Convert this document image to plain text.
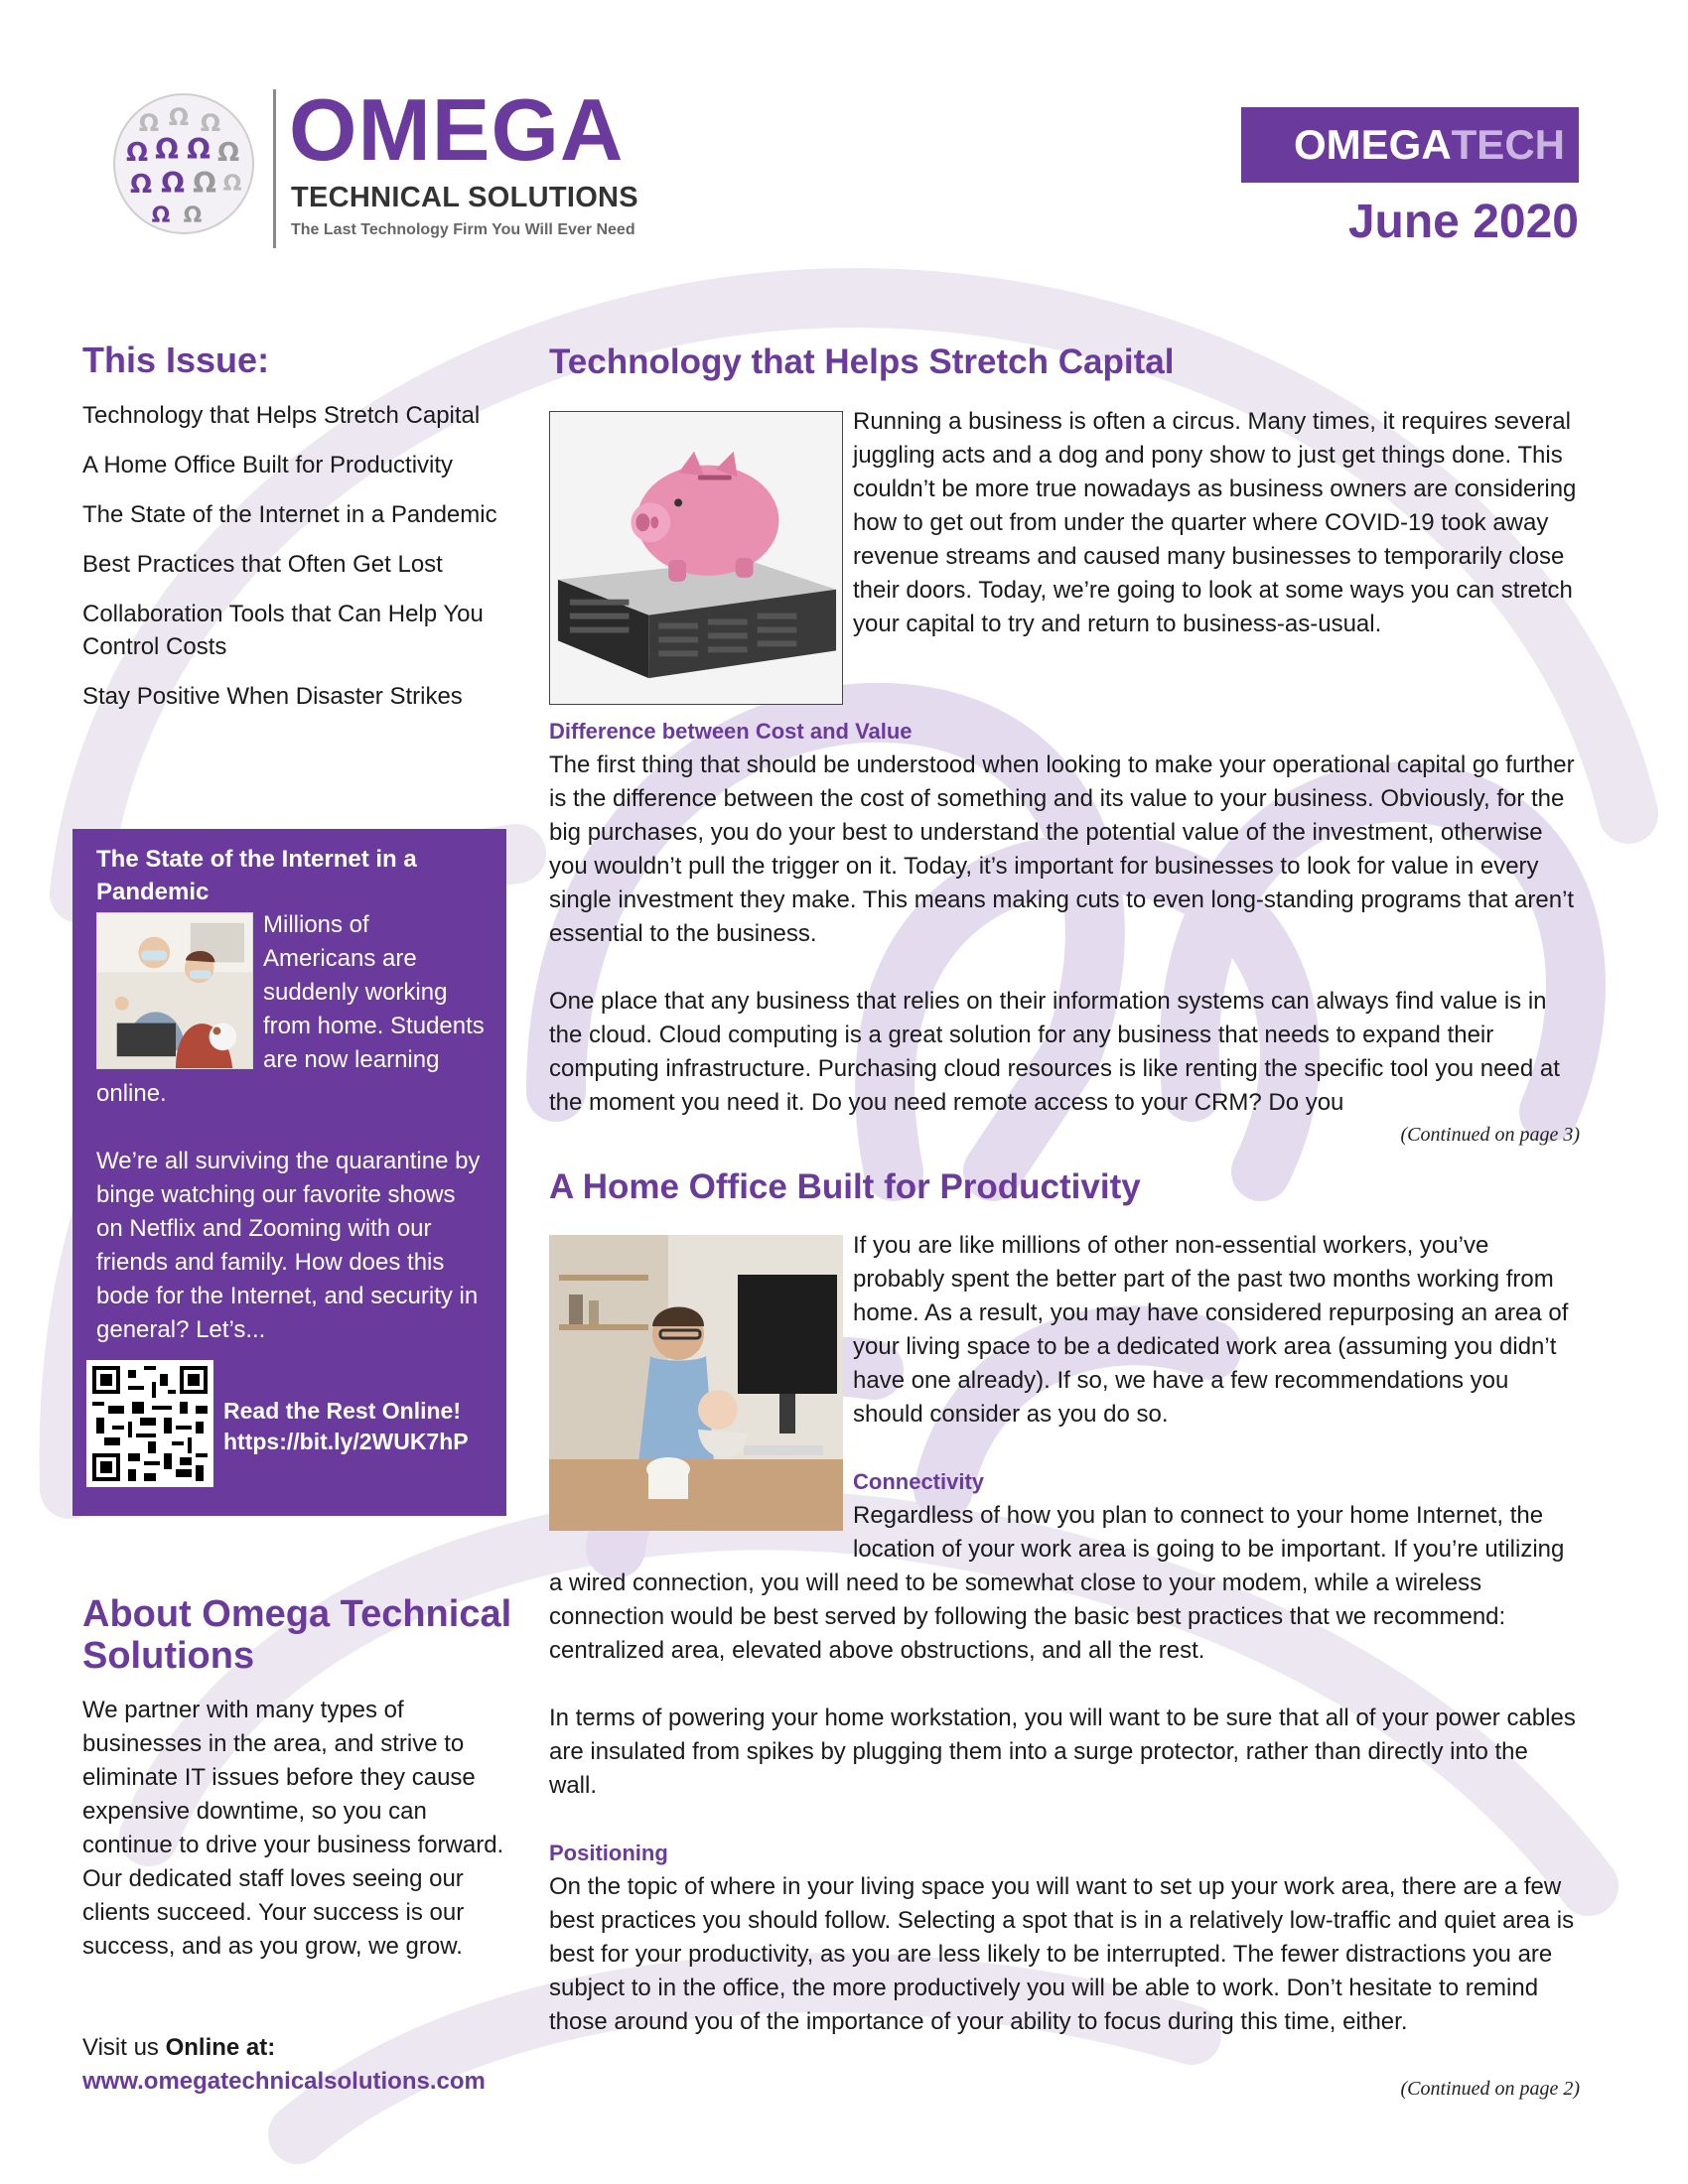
Ω Ω Ω
Ω Ω Ω Ω
Ω Ω Ω Ω
Ω Ω
OMEGA
TECHNICAL SOLUTIONS
The Last Technology Firm You Will Ever Need
OMEGA TECH
June 2020
This Issue:
Technology that Helps Stretch Capital
A Home Office Built for Productivity
The State of the Internet in a Pandemic
Best Practices that Often Get Lost
Collaboration Tools that Can Help You Control Costs
Stay Positive When Disaster Strikes
The State of the Internet in a Pandemic
Millions of Americans are suddenly working from home. Students are now learning online.
We’re all surviving the quarantine by binge watching our favorite shows on Netflix and Zooming with our friends and family. How does this bode for the Internet, and security in general? Let’s...
Read the Rest Online!
https://bit.ly/2WUK7hP
About Omega Technical Solutions
We partner with many types of businesses in the area, and strive to eliminate IT issues before they cause expensive downtime, so you can continue to drive your business forward. Our dedicated staff loves seeing our clients succeed. Your success is our success, and as you grow, we grow.
Visit us Online at:
www.omegatechnicalsolutions.com
Technology that Helps Stretch Capital
Running a business is often a circus. Many times, it requires several juggling acts and a dog and pony show to just get things done. This couldn’t be more true nowadays as business owners are considering how to get out from under the quarter where COVID-19 took away revenue streams and caused many businesses to temporarily close their doors. Today, we’re going to look at some ways you can stretch your capital to try and return to business-as-usual.
Difference between Cost and Value
The first thing that should be understood when looking to make your operational capital go further is the difference between the cost of something and its value to your business. Obviously, for the big purchases, you do your best to understand the potential value of the investment, otherwise you wouldn’t pull the trigger on it. Today, it’s important for businesses to look for value in every single investment they make. This means making cuts to even long-standing programs that aren’t essential to the business.
One place that any business that relies on their information systems can always find value is in the cloud. Cloud computing is a great solution for any business that needs to expand their computing infrastructure. Purchasing cloud resources is like renting the specific tool you need at the moment you need it. Do you need remote access to your CRM? Do you
(Continued on page 3)
A Home Office Built for Productivity
If you are like millions of other non-essential workers, you’ve probably spent the better part of the past two months working from home. As a result, you may have considered repurposing an area of your living space to be a dedicated work area (assuming you didn’t have one already). If so, we have a few recommendations you should consider as you do so.
Connectivity
Regardless of how you plan to connect to your home Internet, the location of your work area is going to be important. If you’re utilizing a wired connection, you will need to be somewhat close to your modem, while a wireless connection would be best served by following the basic best practices that we recommend: centralized area, elevated above obstructions, and all the rest.
In terms of powering your home workstation, you will want to be sure that all of your power cables are insulated from spikes by plugging them into a surge protector, rather than directly into the wall.
Positioning
On the topic of where in your living space you will want to set up your work area, there are a few best practices you should follow. Selecting a spot that is in a relatively low-traffic and quiet area is best for your productivity, as you are less likely to be interrupted. The fewer distractions you are subject to in the office, the more productively you will be able to work. Don’t hesitate to remind those around you of the importance of your ability to focus during this time, either.
(Continued on page 2)
